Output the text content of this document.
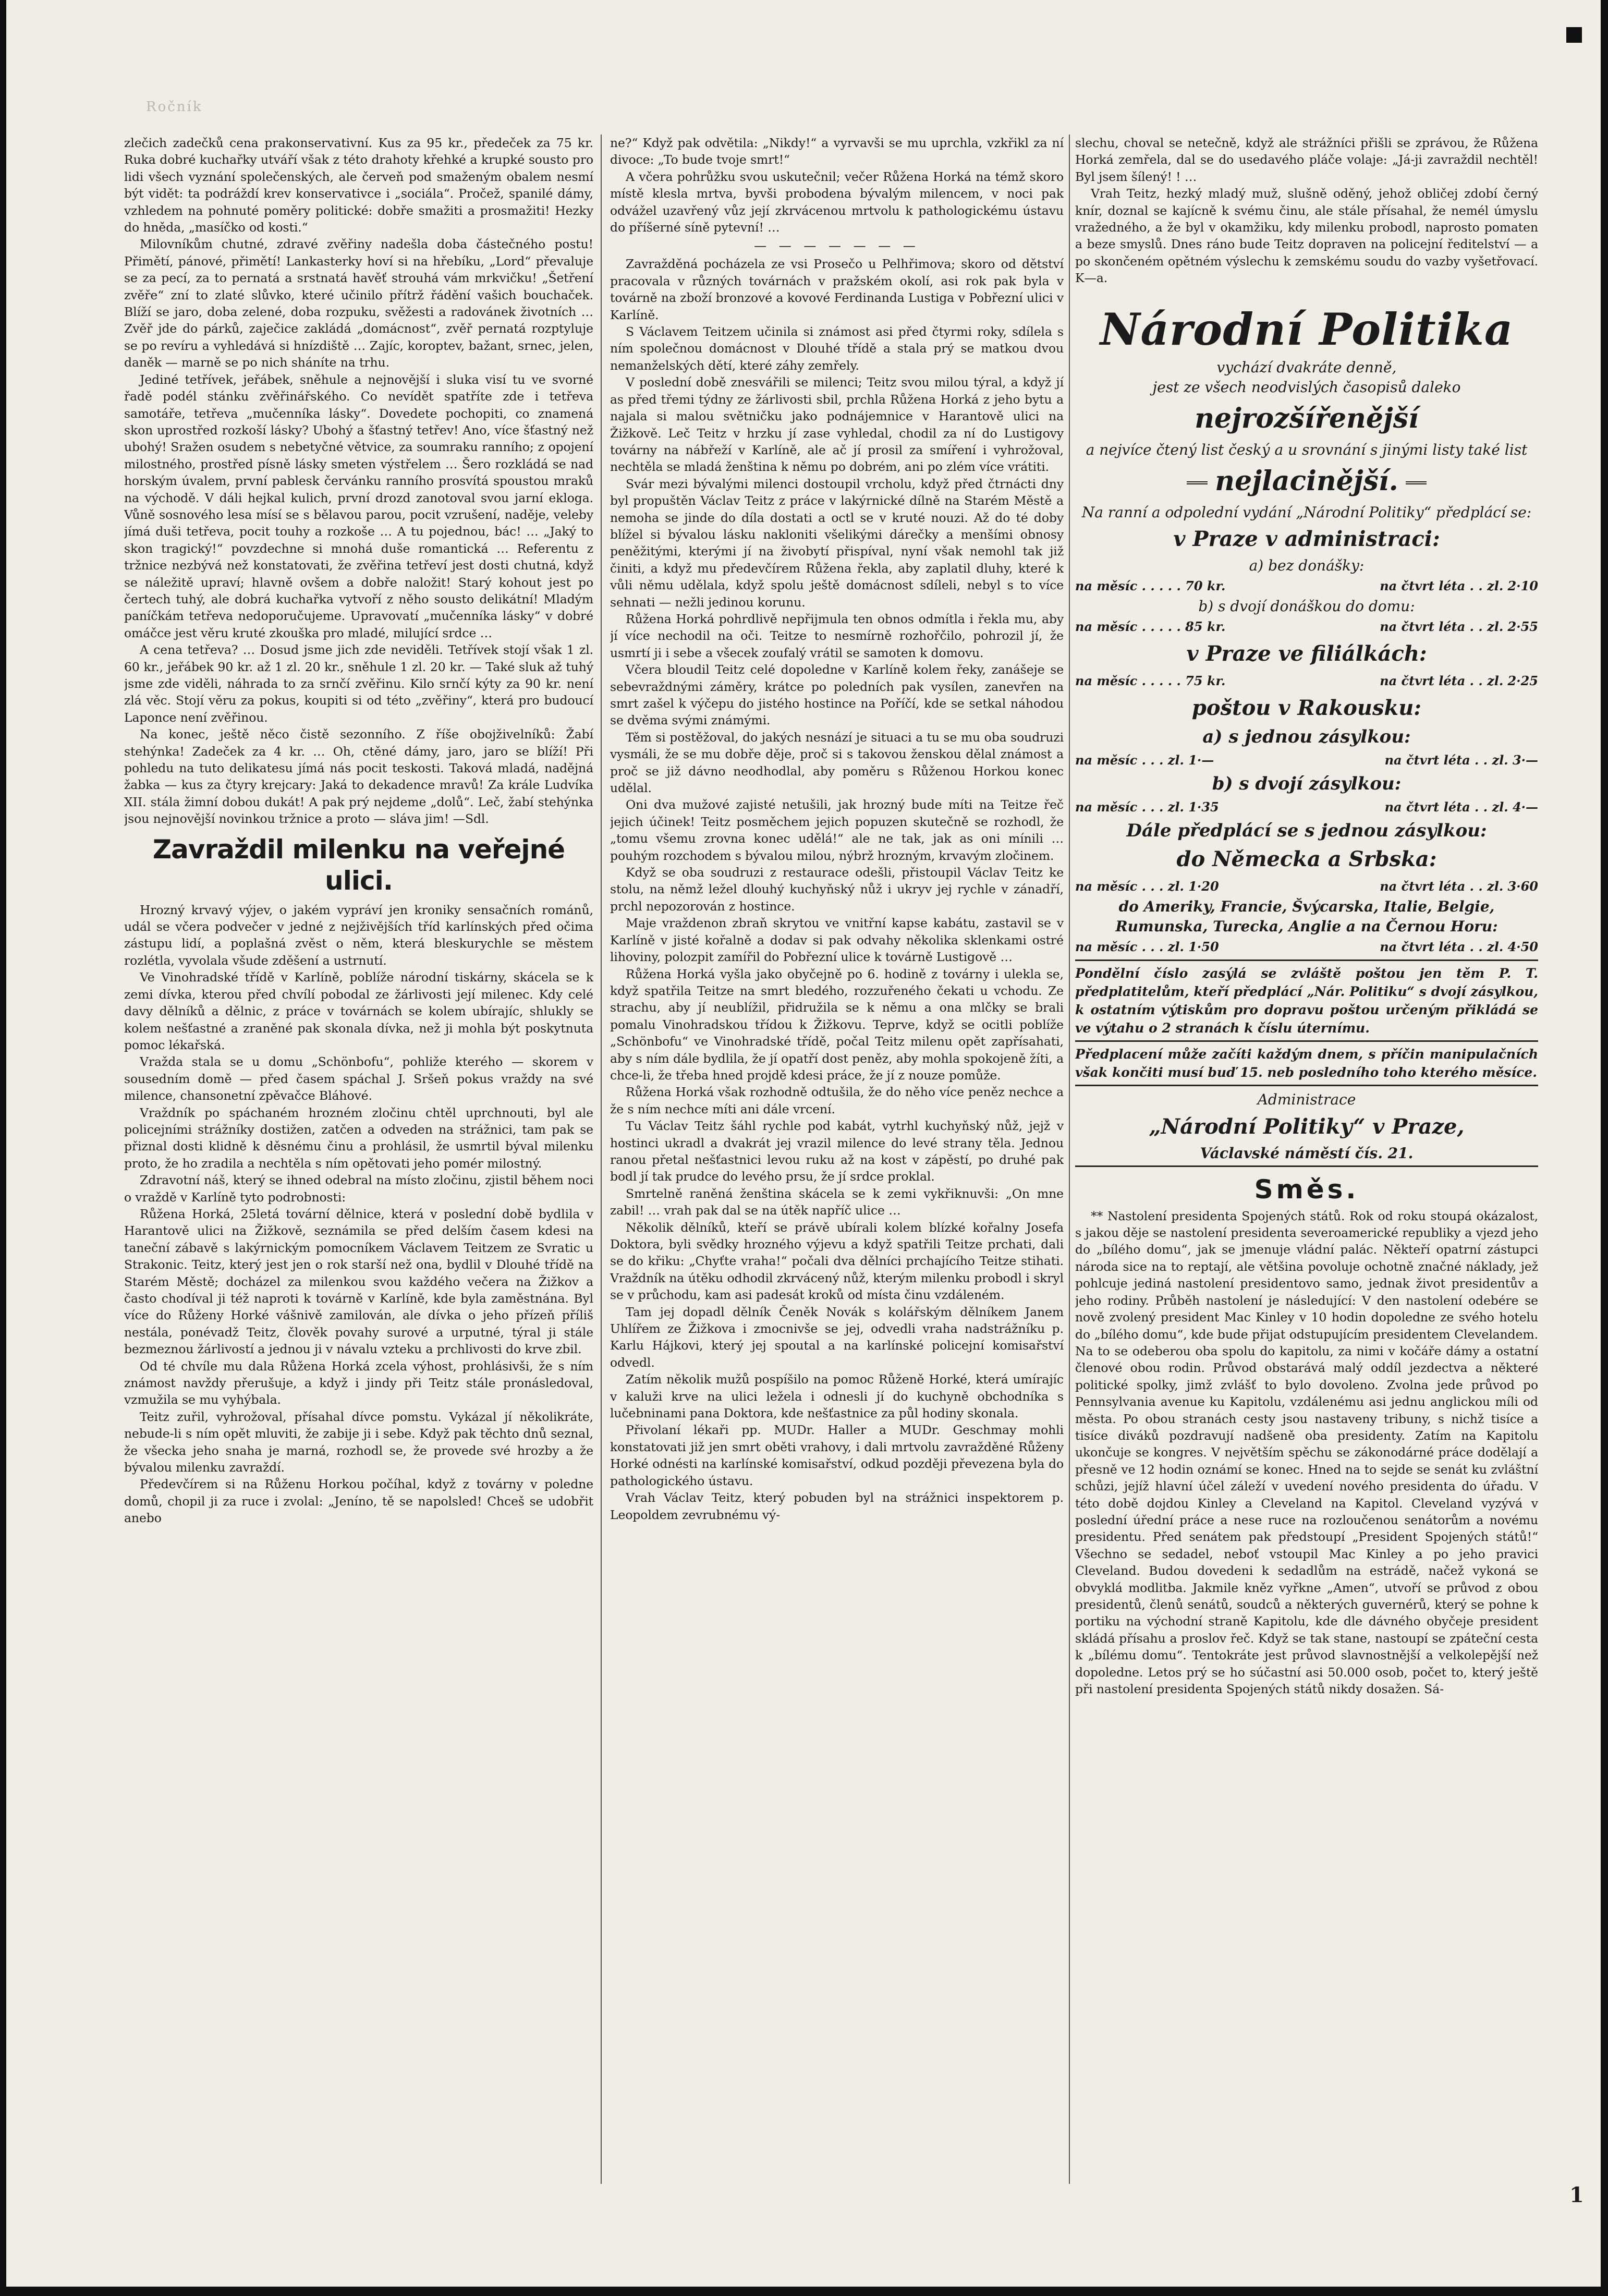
Ročník

zlečich zadečků cena prakonservativní. Kus za 95 kr., předeček za 75 kr. Ruka dobré kuchařky utváří však z této drahoty křehké a krupké sousto pro lidi všech vyznání společenských, ale červeň pod smaženým obalem nesmí být vidět: ta podráždí krev konservativce i „sociála“. Pročež, spanilé dámy, vzhledem na pohnuté poměry politické: dobře smažiti a prosmažiti! Hezky do hněda, „masíčko od kosti.“

Milovníkům chutné, zdravé zvěřiny nadešla doba částečného postu! Přimětí, pánové, přimětí! Lankasterky hoví si na hřebíku, „Lord“ převaluje se za pecí, za to pernatá a srstnatá havěť strouhá vám mrkvičku! „Šetření zvěře“ zní to zlaté slůvko, které učinilo přítrž řádění vašich bouchaček. Blíží se jaro, doba zelené, doba rozpuku, svěžesti a radovánek životních … Zvěř jde do párků, zaječice zakládá „domácnost“, zvěř pernatá rozptyluje se po revíru a vyhledává si hnízdiště … Zajíc, koroptev, bažant, srnec, jelen, daněk — marně se po nich sháníte na trhu.

Jediné tetřívek, jeřábek, sněhule a nejnovější i sluka visí tu ve svorné řadě podél stánku zvěřinářského. Co nevídět spatříte zde i tetřeva samotáře, tetřeva „mučenníka lásky“. Dovedete pochopiti, co znamená skon uprostřed rozkoší lásky? Ubohý a šťastný tetřev! Ano, více šťastný než ubohý! Sražen osudem s nebetyčné větvice, za soumraku ranního; z opojení milostného, prostřed písně lásky smeten výstřelem … Šero rozkládá se nad horským úvalem, první pablesk červánku ranního prosvítá spoustou mraků na východě. V dáli hejkal kulich, první drozd zanotoval svou jarní ekloga. Vůně sosnového lesa mísí se s bělavou parou, pocit vzrušení, naděje, veleby jímá duši tetřeva, pocit touhy a rozkoše … A tu pojednou, bác! … „Jaký to skon tragický!“ povzdechne si mnohá duše romantická … Referentu z tržnice nezbývá než konstatovati, že zvěřina tetřeví jest dosti chutná, když se náležitě upraví; hlavně ovšem a dobře naložit! Starý kohout jest po čertech tuhý, ale dobrá kuchařka vytvoří z něho sousto delikátní! Mladým paníčkám tetřeva nedoporučujeme. Upravovatí „mučenníka lásky“ v dobré omáčce jest věru kruté zkouška pro mladé, milující srdce …

A cena tetřeva? … Dosud jsme jich zde neviděli. Tetřívek stojí však 1 zl. 60 kr., jeřábek 90 kr. až 1 zl. 20 kr., sněhule 1 zl. 20 kr. — Také sluk až tuhý jsme zde viděli, náhrada to za srnčí zvěřinu. Kilo srnčí kýty za 90 kr. není zlá věc. Stojí věru za pokus, koupiti si od této „zvěřiny“, která pro budoucí Laponce není zvěřinou.

Na konec, ještě něco čistě sezonního. Z říše obojživelníků: Žabí stehýnka! Zadeček za 4 kr. … Oh, ctěné dámy, jaro, jaro se blíží! Při pohledu na tuto delikatesu jímá nás pocit teskosti. Taková mladá, nadějná žabka — kus za čtyry krejcary: Jaká to dekadence mravů! Za krále Ludvíka XII. stála žimní dobou dukát! A pak prý nejdeme „dolů“. Leč, žabí stehýnka jsou nejnovější novinkou tržnice a proto — sláva jim! —Sdl.

Zavraždil milenku na veřejné ulici.

Hrozný krvavý výjev, o jakém vypráví jen kroniky sensačních románů, udál se včera podvečer v jedné z nejživějších tříd karlínských před očima zástupu lidí, a poplašná zvěst o něm, která bleskurychle se městem rozlétla, vyvolala všude zděšení a ustrnutí.

Ve Vinohradské třídě v Karlíně, poblíže národní tiskárny, skácela se k zemi dívka, kterou před chvílí pobodal ze žárlivosti její milenec. Kdy celé davy dělníků a dělnic, z práce v továrnách se kolem ubírajíc, shlukly se kolem nešťastné a zraněné pak skonala dívka, než ji mohla být poskytnuta pomoc lékařská.

Vražda stala se u domu „Schönbofu“, pohliže kterého — skorem v sousedním domě — před časem spáchal J. Sršeň pokus vraždy na své milence, chansonetní zpěvačce Bláhové.

Vraždník po spáchaném hrozném zločinu chtěl uprchnouti, byl ale policejními strážníky dostižen, zatčen a odveden na strážnici, tam pak se přiznal dosti klidně k děsnému činu a prohlásil, že usmrtil býval milenku proto, že ho zradila a nechtěla s ním opětovati jeho pomér milostný.

Zdravotní náš, který se ihned odebral na místo zločinu, zjistil během noci o vraždě v Karlíně tyto podrobnosti:

Růžena Horká, 25letá tovární dělnice, která v poslední době bydlila v Harantově ulici na Žižkově, seznámila se před delším časem kdesi na taneční zábavě s lakýrnickým pomocníkem Václavem Teitzem ze Svratic u Strakonic. Teitz, který jest jen o rok starší než ona, bydlil v Dlouhé třídě na Starém Městě; docházel za milenkou svou každého večera na Žižkov a často chodíval ji též naproti k továrně v Karlíně, kde byla zaměstnána. Byl více do Růženy Horké vášnivě zamilován, ale dívka o jeho přízeň příliš nestála, ponévadž Teitz, člověk povahy surové a urputné, týral ji stále bezmeznou žárlivostí a jednou ji v návalu vzteku a prchlivosti do krve zbil.

Od té chvíle mu dala Růžena Horká zcela výhost, prohlásivši, že s ním známost navždy přerušuje, a když i jindy při Teitz stále pronásledoval, vzmužila se mu vyhýbala.

Teitz zuřil, vyhrožoval, přísahal dívce pomstu. Vykázal jí několikráte, nebude-li s ním opět mluviti, že zabije ji i sebe. Když pak těchto dnů seznal, že všecka jeho snaha je marná, rozhodl se, že provede své hrozby a že bývalou milenku zavraždí.

Předevčírem si na Růženu Horkou počíhal, když z továrny v poledne domů, chopil ji za ruce i zvolal: „Jeníno, tě se napolsled! Chceš se udobřit anebo

ne?“ Když pak odvětila: „Nikdy!“ a vyrvavši se mu uprchla, vzkřikl za ní divoce: „To bude tvoje smrt!“

A včera pohrůžku svou uskutečnil; večer Růžena Horká na témž skoro místě klesla mrtva, byvši probodena bývalým milencem, v noci pak odvážel uzavřený vůz její zkrvácenou mrtvolu k pathologickému ústavu do příšerné síně pytevní! …

— — — — — — —

Zavražděná pocházela ze vsi Prosečo u Pelhřimova; skoro od dětství pracovala v různých továrnách v pražském okolí, asi rok pak byla v továrně na zboží bronzové a kovové Ferdinanda Lustiga v Pobřezní ulici v Karlíně.

S Václavem Teitzem učinila si známost asi před čtyrmi roky, sdílela s ním společnou domácnost v Dlouhé třídě a stala prý se matkou dvou nemanželských dětí, které záhy zemřely.

V poslední době znesvářili se milenci; Teitz svou milou týral, a když jí as před třemi týdny ze žárlivosti sbil, prchla Růžena Horká z jeho bytu a najala si malou světničku jako podnájemnice v Harantově ulici na Žižkově. Leč Teitz v hrzku jí zase vyhledal, chodil za ní do Lustigovy továrny na nábřeží v Karlíně, ale ač jí prosil za smíření i vyhrožoval, nechtěla se mladá ženština k němu po dobrém, ani po zlém více vrátiti.

Svár mezi bývalými milenci dostoupil vrcholu, když před čtrnácti dny byl propuštěn Václav Teitz z práce v lakýrnické dílně na Starém Městě a nemoha se jinde do díla dostati a octl se v kruté nouzi. Až do té doby blížel si bývalou lásku nakloniti všelikými dárečky a menšími obnosy peněžitými, kterými jí na živobytí přispíval, nyní však nemohl tak již činiti, a když mu předevčírem Růžena řekla, aby zaplatil dluhy, které k vůli němu udělala, když spolu ještě domácnost sdíleli, nebyl s to více sehnati — nežli jedinou korunu.

Růžena Horká pohrdlivě nepřijmula ten obnos odmítla i řekla mu, aby jí více nechodil na oči. Teitze to nesmírně rozhořčilo, pohrozil jí, že usmrtí ji i sebe a všecek zoufalý vrátil se samoten k domovu.

Včera bloudil Teitz celé dopoledne v Karlíně kolem řeky, zanášeje se sebevraždnými záměry, krátce po poledních pak vysílen, zanevřen na smrt zašel k výčepu do jistého hostince na Poříčí, kde se setkal náhodou se dvěma svými známými.

Těm si postěžoval, do jakých nesnází je situaci a tu se mu oba soudruzi vysmáli, že se mu dobře děje, proč si s takovou ženskou dělal známost a proč se již dávno neodhodlal, aby poměru s Růženou Horkou konec udělal.

Oni dva mužové zajisté netušili, jak hrozný bude míti na Teitze řeč jejich účinek! Teitz posměchem jejich popuzen skutečně se rozhodl, že „tomu všemu zrovna konec udělá!“ ale ne tak, jak as oni mínili … pouhým rozchodem s bývalou milou, nýbrž hrozným, krvavým zločinem.

Když se oba soudruzi z restaurace odešli, přistoupil Václav Teitz ke stolu, na němž ležel dlouhý kuchyňský nůž i ukryv jej rychle v zánadří, prchl nepozorován z hostince.

Maje vraždenon zbraň skrytou ve vnitřní kapse kabátu, zastavil se v Karlíně v jisté kořalně a dodav si pak odvahy několika sklenkami ostré lihoviny, polozpit zamířil do Pobřezní ulice k továrně Lustigově …

Růžena Horká vyšla jako obyčejně po 6. hodině z továrny i ulekla se, když spatřila Teitze na smrt bledého, rozzuřeného čekati u vchodu. Ze strachu, aby jí neublížil, přidružila se k němu a ona mlčky se brali pomalu Vinohradskou třídou k Žižkovu. Teprve, když se ocitli poblíže „Schönbofu“ ve Vinohradské třídě, počal Teitz milenu opět zapřísahati, aby s ním dále bydlila, že jí opatří dost peněz, aby mohla spokojeně žíti, a chce-li, že třeba hned projdě kdesi práce, že jí z nouze pomůže.

Růžena Horká však rozhodně odtušila, že do něho více peněz nechce a že s ním nechce míti ani dále vrcení.

Tu Václav Teitz šáhl rychle pod kabát, vytrhl kuchyňský nůž, jejž v hostinci ukradl a dvakrát jej vrazil milence do levé strany těla. Jednou ranou přetal nešťastnici levou ruku až na kost v zápěstí, po druhé pak bodl jí tak prudce do levého prsu, že jí srdce proklal.

Smrtelně raněná ženština skácela se k zemi vykřiknuvši: „On mne zabil! … vrah pak dal se na útěk napříč ulice …

Několik dělníků, kteří se právě ubírali kolem blízké kořalny Josefa Doktora, byli svědky hrozného výjevu a když spatřili Teitze prchati, dali se do křiku: „Chyťte vraha!“ počali dva dělníci prchajícího Teitze stihati. Vraždník na útěku odhodil zkrvácený nůž, kterým milenku probodl i skryl se v průchodu, kam asi padesát kroků od místa činu vzdáleném.

Tam jej dopadl dělník Čeněk Novák s kolářským dělníkem Janem Uhlířem ze Žižkova i zmocnivše se jej, odvedli vraha nadstrážníku p. Karlu Hájkovi, který jej spoutal a na karlínské policejní komisařství odvedl.

Zatím několik mužů pospíšilo na pomoc Růženě Horké, která umírajíc v kaluži krve na ulici ležela i odnesli jí do kuchyně obchodníka s lučebninami pana Doktora, kde nešťastnice za půl hodiny skonala.

Přivolaní lékaři pp. MUDr. Haller a MUDr. Geschmay mohli konstatovati již jen smrt oběti vrahovy, i dali mrtvolu zavražděné Růženy Horké odnésti na karlínské komisařství, odkud později převezena byla do pathologického ústavu.

Vrah Václav Teitz, který pobuden byl na strážnici inspektorem p. Leopoldem zevrubnému vý-

slechu, choval se netečně, když ale strážníci přišli se zprávou, že Růžena Horká zemřela, dal se do usedavého pláče volaje: „Já-ji zavraždil nechtěl! Byl jsem šílený! ! …

Vrah Teitz, hezký mladý muž, slušně oděný, jehož obličej zdobí černý knír, doznal se kajícně k svému činu, ale stále přísahal, že nemél úmyslu vražedného, a že byl v okamžiku, kdy milenku probodl, naprosto pomaten a beze smyslů. Dnes ráno bude Teitz dopraven na policejní ředitelství — a po skončeném opětném výslechu k zemskému soudu do vazby vyšetřovací. K—a.

Národní Politika

vychází dvakráte denně,

jest ze všech neodvislých časopisů daleko

nejrozšířenější

a nejvíce čtený list český a u srovnání s jinými listy také list

nejlacinější.

Na ranní a odpolední vydání „Národní Politiky“ předplácí se:

v Praze v administraci:
a) bez donášky:
na měsíc . . . . . 70 kr.	na čtvrt léta . . zl. 2·10
b) s dvojí donáškou do domu:
na měsíc . . . . . 85 kr.	na čtvrt léta . . zl. 2·55
v Praze ve filiálkách:
na měsíc . . . . . 75 kr.	na čtvrt léta . . zl. 2·25
poštou v Rakousku:
a) s jednou zásylkou:
na měsíc . . . zl. 1·—	na čtvrt léta . . zl. 3·—
b) s dvojí zásylkou:
na měsíc . . . zl. 1·35	na čtvrt léta . . zl. 4·—
Dále předplácí se s jednou zásylkou:
do Německa a Srbska:
na měsíc . . . zl. 1·20	na čtvrt léta . . zl. 3·60
do Ameriky, Francie, Švýcarska, Italie, Belgie, Rumunska, Turecka, Anglie a na Černou Horu:
na měsíc . . . zl. 1·50	na čtvrt léta . . zl. 4·50

Pondělní číslo zasýlá se zvláště poštou jen těm P. T. předplatitelům, kteří předplácí „Nár. Politiku“ s dvojí zásylkou, k ostatním výtiskům pro dopravu poštou určeným přikládá se ve výtahu o 2 stranách k číslu úternímu.

Předplacení může začíti každým dnem, s příčin manipulačních však končiti musí buď 15. neb posledního toho kterého měsíce.

Administrace
„Národní Politiky“ v Praze,
Václavské náměstí čís. 21.
Směs.

** Nastolení presidenta Spojených států. Rok od roku stoupá okázalost, s jakou děje se nastolení presidenta severoamerické republiky a vjezd jeho do „bílého domu“, jak se jmenuje vládní palác. Někteří opatrní zástupci národa sice na to reptají, ale většina povoluje ochotně značné náklady, jež pohlcuje jediná nastolení presidentovo samo, jednak život presidentův a jeho rodiny. Průběh nastolení je následující: V den nastolení odebére se nově zvolený president Mac Kinley v 10 hodin dopoledne ze svého hotelu do „bílého domu“, kde bude přijat odstupujícím presidentem Clevelandem. Na to se odeberou oba spolu do kapitolu, za nimi v kočáře dámy a ostatní členové obou rodin. Průvod obstarává malý oddíl jezdectva a některé politické spolky, jimž zvlášť to bylo dovoleno. Zvolna jede průvod po Pennsylvania avenue ku Kapitolu, vzdálenému asi jednu anglickou míli od města. Po obou stranách cesty jsou nastaveny tribuny, s nichž tisíce a tisíce diváků pozdravují nadšeně oba presidenty. Zatím na Kapitolu ukončuje se kongres. V největším spěchu se zákonodárné práce dodělají a přesně ve 12 hodin oznámí se konec. Hned na to sejde se senát ku zvláštní schůzi, jejíž hlavní účel záleží v uvedení nového presidenta do úřadu. V této době dojdou Kinley a Cleveland na Kapitol. Cleveland vyzývá v poslední úřední práce a nese ruce na rozloučenou senátorům a novému presidentu. Před senátem pak předstoupí „President Spojených států!“ Všechno se sedadel, neboť vstoupil Mac Kinley a po jeho pravici Cleveland. Budou dovedeni k sedadlům na estrádě, načež vykoná se obvyklá modlitba. Jakmile kněz vyřkne „Amen“, utvoří se průvod z obou presidentů, členů senátů, soudců a některých guvernérů, který se pohne k portiku na východní straně Kapitolu, kde dle dávného obyčeje president skládá přísahu a proslov řeč. Když se tak stane, nastoupí se zpáteční cesta k „bílému domu“. Tentokráte jest průvod slavnostnější a velkolepější než dopoledne. Letos prý se ho súčastní asi 50.000 osob, počet to, který ještě při nastolení presidenta Spojených států nikdy dosažen. Sá-

1
